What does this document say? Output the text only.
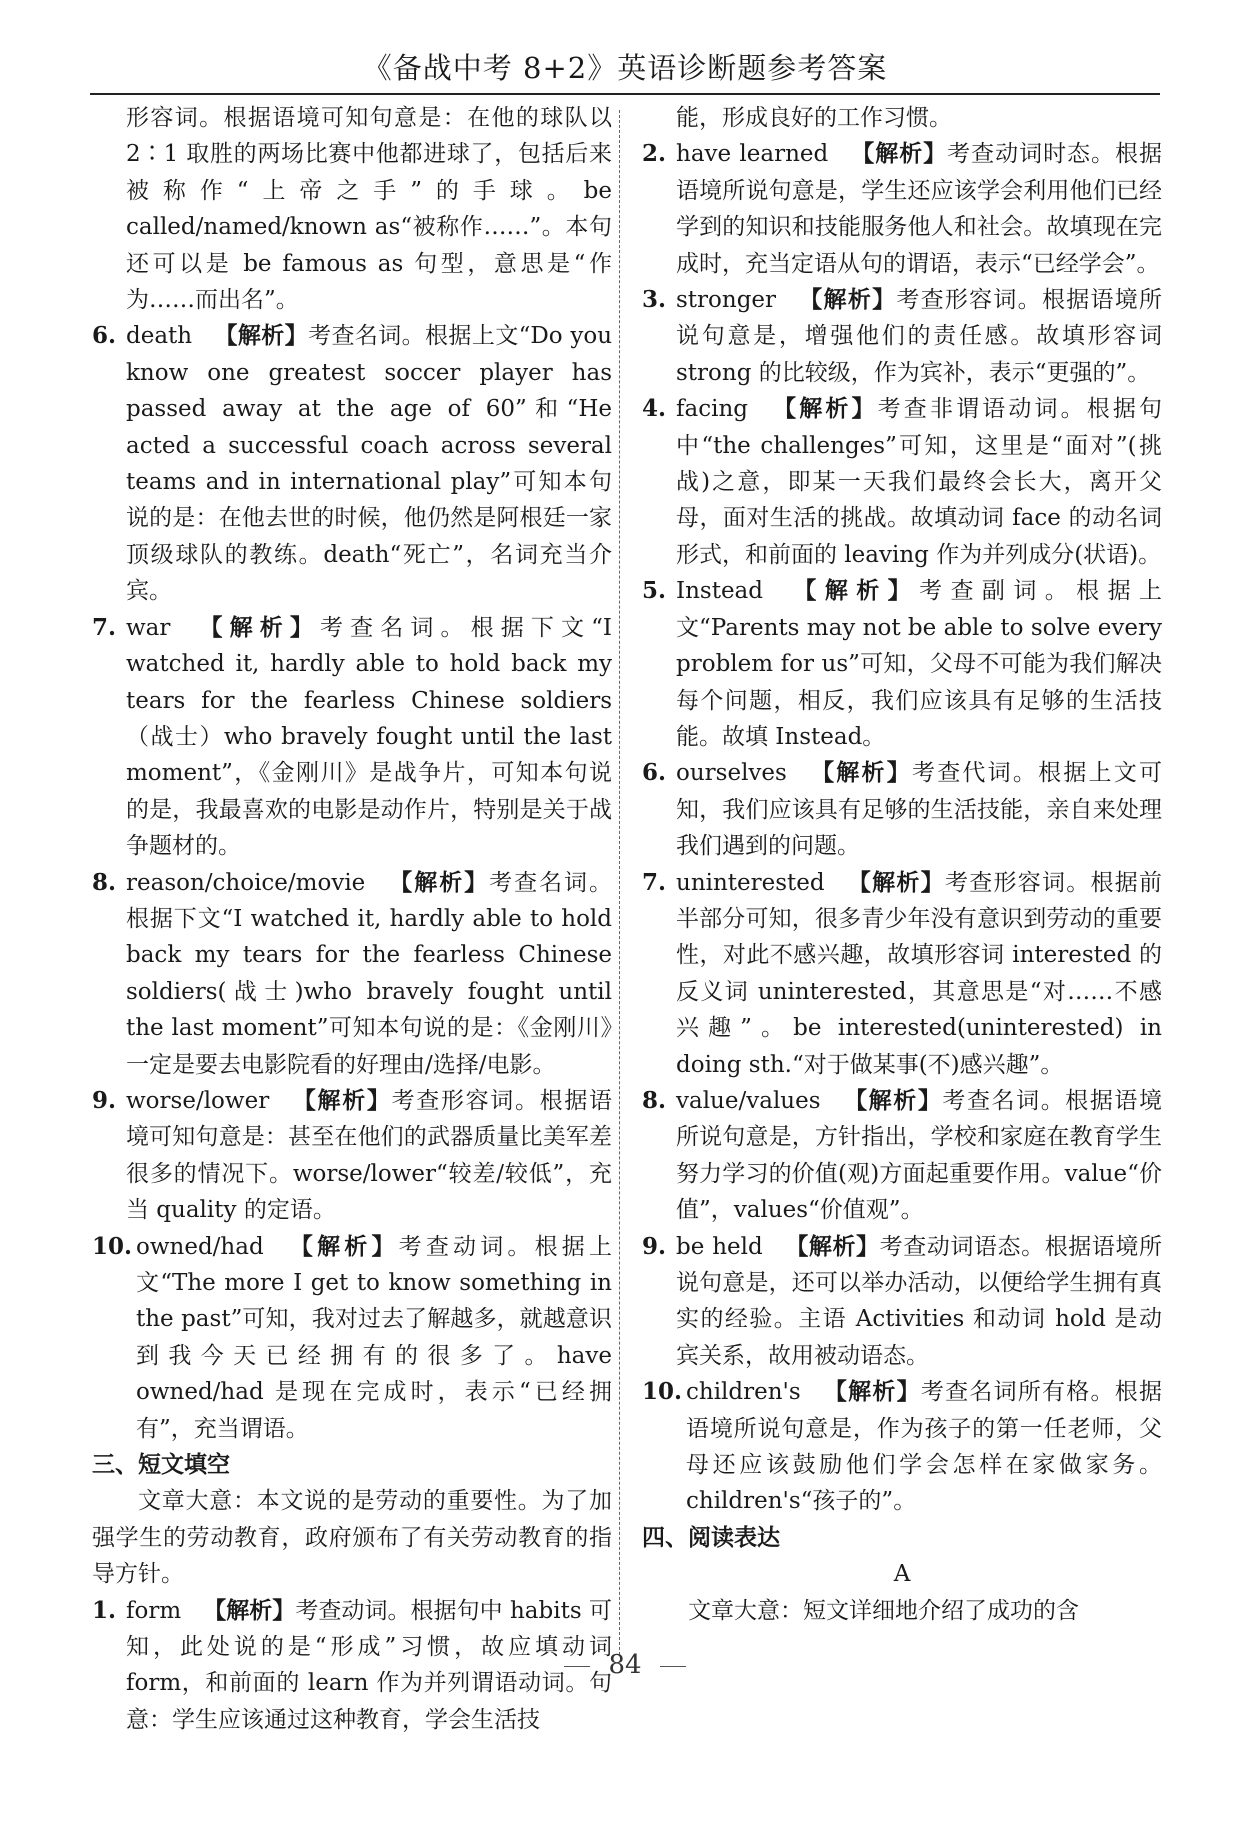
《备战中考 8+2》英语诊断题参考答案

形容词。根据语境可知句意是：在他的球队以 2∶1 取胜的两场比赛中他都进球了，包括后来被称作“上帝之手”的手球。be called/named/known as“被称作……”。本句还可以是 be famous as 句型，意思是“作为……而出名”。

6. death 【解析】考查名词。根据上文“Do you know one greatest soccer player has passed away at the age of 60”和“He acted a successful coach across several teams and in international play”可知本句说的是：在他去世的时候，他仍然是阿根廷一家顶级球队的教练。death“死亡”，名词充当介宾。
7. war 【解析】考查名词。根据下文“I watched it, hardly able to hold back my tears for the fearless Chinese soldiers（战士）who bravely fought until the last moment”，《金刚川》是战争片，可知本句说的是，我最喜欢的电影是动作片，特别是关于战争题材的。
8. reason/choice/movie 【解析】考查名词。根据下文“I watched it, hardly able to hold back my tears for the fearless Chinese soldiers(战士)who bravely fought until the last moment”可知本句说的是：《金刚川》一定是要去电影院看的好理由/选择/电影。
9. worse/lower 【解析】考查形容词。根据语境可知句意是：甚至在他们的武器质量比美军差很多的情况下。worse/lower“较差/较低”，充当 quality 的定语。
10. owned/had 【解析】考查动词。根据上文“The more I get to know something in the past”可知，我对过去了解越多，就越意识到我今天已经拥有的很多了。have owned/had 是现在完成时，表示“已经拥有”，充当谓语。

三、短文填空

文章大意：本文说的是劳动的重要性。为了加强学生的劳动教育，政府颁布了有关劳动教育的指导方针。

1. form 【解析】考查动词。根据句中 habits 可知，此处说的是“形成”习惯，故应填动词 form，和前面的 learn 作为并列谓语动词。句意：学生应该通过这种教育，学会生活技

能，形成良好的工作习惯。

2. have learned 【解析】考查动词时态。根据语境所说句意是，学生还应该学会利用他们已经学到的知识和技能服务他人和社会。故填现在完成时，充当定语从句的谓语，表示“已经学会”。
3. stronger 【解析】考查形容词。根据语境所说句意是，增强他们的责任感。故填形容词 strong 的比较级，作为宾补，表示“更强的”。
4. facing 【解析】考查非谓语动词。根据句中“the challenges”可知，这里是“面对”(挑战)之意，即某一天我们最终会长大，离开父母，面对生活的挑战。故填动词 face 的动名词形式，和前面的 leaving 作为并列成分(状语)。
5. Instead 【解析】考查副词。根据上文“Parents may not be able to solve every problem for us”可知，父母不可能为我们解决每个问题，相反，我们应该具有足够的生活技能。故填 Instead。
6. ourselves 【解析】考查代词。根据上文可知，我们应该具有足够的生活技能，亲自来处理我们遇到的问题。
7. uninterested 【解析】考查形容词。根据前半部分可知，很多青少年没有意识到劳动的重要性，对此不感兴趣，故填形容词 interested 的反义词 uninterested，其意思是“对……不感兴趣”。be interested(uninterested) in doing sth.“对于做某事(不)感兴趣”。
8. value/values 【解析】考查名词。根据语境所说句意是，方针指出，学校和家庭在教育学生努力学习的价值(观)方面起重要作用。value“价值”，values“价值观”。
9. be held 【解析】考查动词语态。根据语境所说句意是，还可以举办活动，以便给学生拥有真实的经验。主语 Activities 和动词 hold 是动宾关系，故用被动语态。
10. children's 【解析】考查名词所有格。根据语境所说句意是，作为孩子的第一任老师，父母还应该鼓励他们学会怎样在家做家务。children's“孩子的”。

四、阅读表达

A

文章大意：短文详细地介绍了成功的含

84
